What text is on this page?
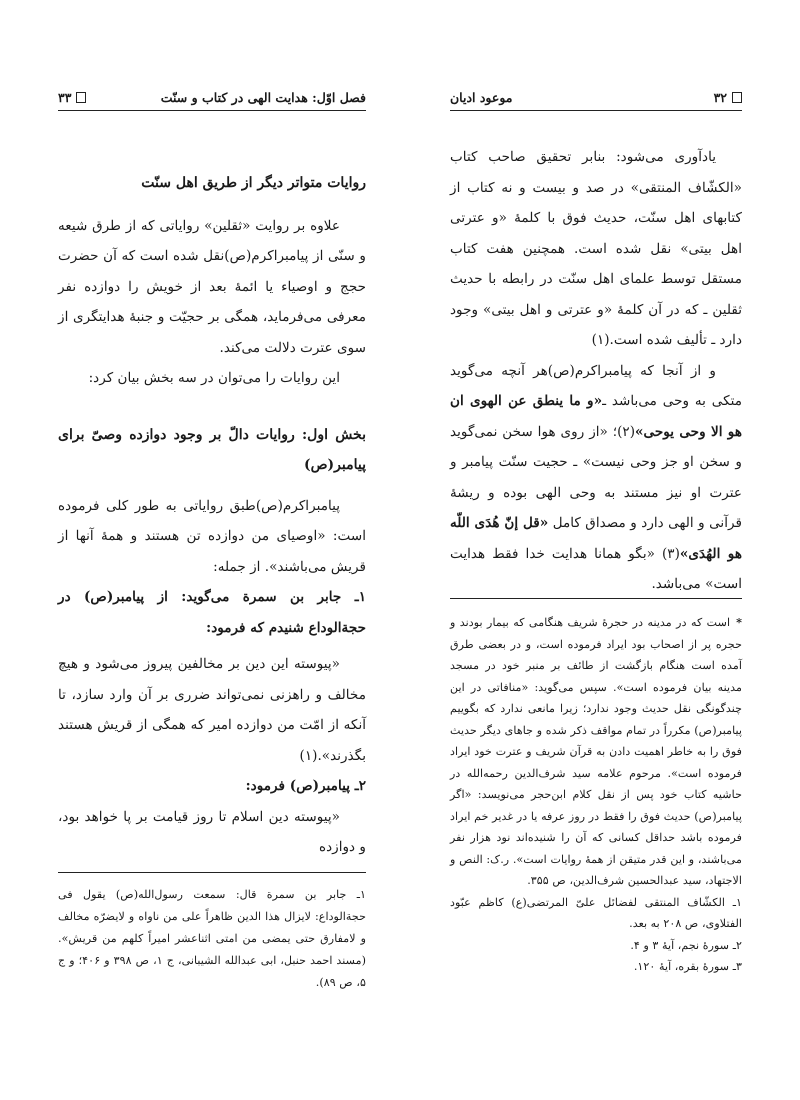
فصل اوّل: هدایت الهی در کتاب و سنّت
۳۳

روایات متواتر دیگر از طریق اهل سنّت

علاوه بر روایت «ثقلین» روایاتی که از طرق شیعه و سنّی از پیامبراکرم(ص)نقل شده است که آن حضرت حجج و اوصیاء یا ائمهٔ بعد از خویش را دوازده نفر معرفی می‌فرماید، همگی بر حجیّت و جنبهٔ هدایتگری از سوی عترت دلالت می‌کند.

این روایات را می‌توان در سه بخش بیان کرد:

بخش اول: روایات دالّ بر وجود دوازده وصیّ برای پیامبر(ص)

پیامبراکرم(ص)طبق روایاتی به طور کلی فرموده است: «اوصیای من دوازده تن هستند و همهٔ آنها از قریش می‌باشند». از جمله:

۱ـ جابر بن سمرة می‌گوید: از پیامبر(ص) در حجةالوداع شنیدم که فرمود:

«پیوسته این دین بر مخالفین پیروز می‌شود و هیچ مخالف و راهزنی نمی‌تواند ضرری بر آن وارد سازد، تا آنکه از امّت من دوازده امیر که همگی از قریش هستند بگذرند».(۱)

۲ـ پیامبر(ص) فرمود:

«پیوسته دین اسلام تا روز قیامت بر پا خواهد بود، و دوازده

۱ـ جابر بن سمرة قال: سمعت رسول‌الله(ص) یقول فی حجةالوداع: لایزال هذا الدین ظاهراً علی من ناواه و لایضرّه مخالف و لامفارق حتی یمضی من امتی اثناعشر امیراً کلهم من قریش». (مسند احمد حنبل، ابی عبدالله الشیبانی، ج ۱، ص ۳۹۸ و ۴۰۶؛ و ج ۵، ص ۸۹).

۳۲
موعود ادیان

یادآوری می‌شود: بنابر تحقیق صاحب کتاب «الکشّاف المنتقی» در صد و بیست و نه کتاب از کتابهای اهل سنّت، حدیث فوق با کلمهٔ «و عترتی اهل بیتی» نقل شده است. همچنین هفت کتاب مستقل توسط علمای اهل سنّت در رابطه با حدیث ثقلین ـ که در آن کلمهٔ «و عترتی و اهل بیتی» وجود دارد ـ تألیف شده است.(۱)

و از آنجا که پیامبراکرم(ص)هر آنچه می‌گوید متکی به وحی می‌باشد ـ«و ما ینطق عن الهوی ان هو الا وحی یوحی»(۲)؛ «از روی هوا سخن نمی‌گوید و سخن او جز وحی نیست» ـ حجیت سنّت پیامبر و عترت او نیز مستند به وحی الهی بوده و ریشهٔ قرآنی و الهی دارد و مصداق کامل «قل إنّ هُدَی اللّه هو الهُدَی»(۳) «بگو همانا هدایت خدا فقط هدایت است» می‌باشد.

*است که در مدینه در حجرهٔ شریف هنگامی که بیمار بودند و حجره پر از اصحاب بود ایراد فرموده است، و در بعضی طرق آمده است هنگام بازگشت از طائف بر منبر خود در مسجد مدینه بیان فرموده است». سپس می‌گوید: «منافاتی در این چندگونگی نقل حدیث وجود ندارد؛ زیرا مانعی ندارد که بگوییم پیامبر(ص) مکرراً در تمام مواقف ذکر شده و جاهای دیگر حدیث فوق را به خاطر اهمیت دادن به قرآن شریف و عترت خود ایراد فرموده است». مرحوم علامه سید شرف‌الدین رحمه‌الله در حاشیه کتاب خود پس از نقل کلام ابن‌حجر می‌نویسد: «اگر پیامبر(ص) حدیث فوق را فقط در روز عرفه یا در غدیر خم ایراد فرموده باشد حداقل کسانی که آن را شنیده‌اند نود هزار نفر می‌باشند، و این قدر متیقن از همهٔ روایات است». ر.ک: النص و الاجتهاد، سید عبدالحسین شرف‌الدین، ص ۳۵۵.

۱ـ الکشّاف المنتقی لفضائل علیّ المرتضی(ع) کاظم عبّود الفتلاوی، ص ۲۰۸ به بعد.

۲ـ سورهٔ نجم، آیهٔ ۳ و ۴.

۳ـ سورهٔ بقره، آیهٔ ۱۲۰.
